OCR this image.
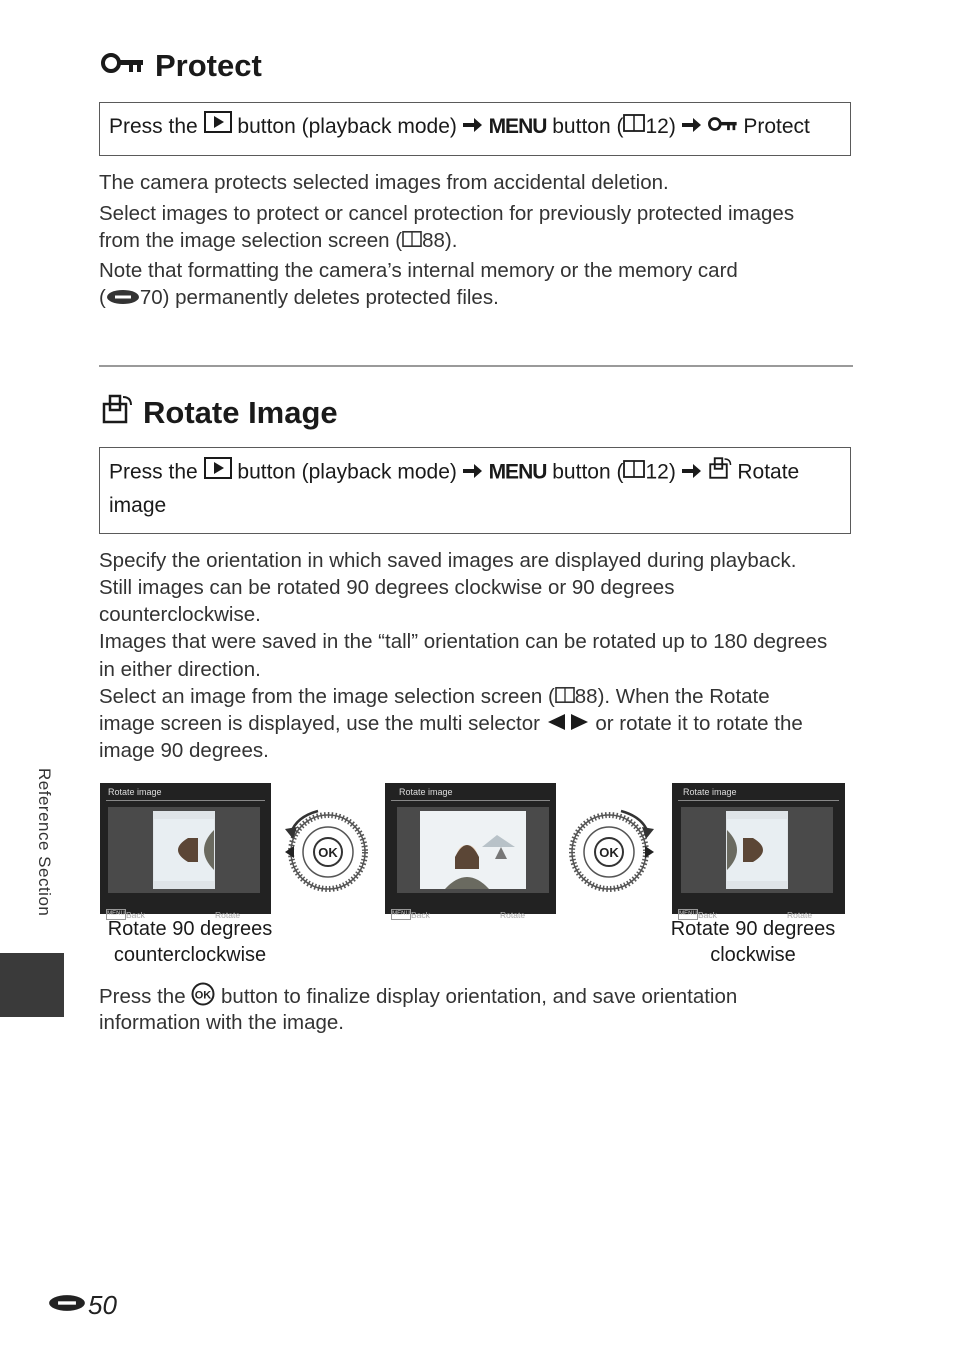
Protect
Press the button (playback mode) MENU button ( 12)	Protect
The camera protects selected images from accidental deletion.
Select images to protect or cancel protection for previously protected images
from the image selection screen ( 88).
Note that formatting the camera’s internal memory or the memory card
( 70) permanently deletes protected files.
Rotate Image
Press the button (playback mode) MENU button ( 12)	Rotate
image
Specify the orientation in which saved images are displayed during playback.
Still images can be rotated 90 degrees clockwise or 90 degrees
counterclockwise.
Images that were saved in the “tall” orientation can be rotated up to 180 degrees
in either direction.
Select an image from the image selection screen ( 88). When the Rotate
image screen is displayed, use the multi selector	or rotate it to rotate the
image 90 degrees.
Rotate image
MENU Back	Rotate
OK
Rotate image
MENU Back	Rotate
OK
Rotate image
MENU Back	Rotate
Rotate 90 degrees
counterclockwise
Rotate 90 degrees
clockwise
Press the OK button to finalize display orientation, and save orientation
information with the image.
Reference Section
50
